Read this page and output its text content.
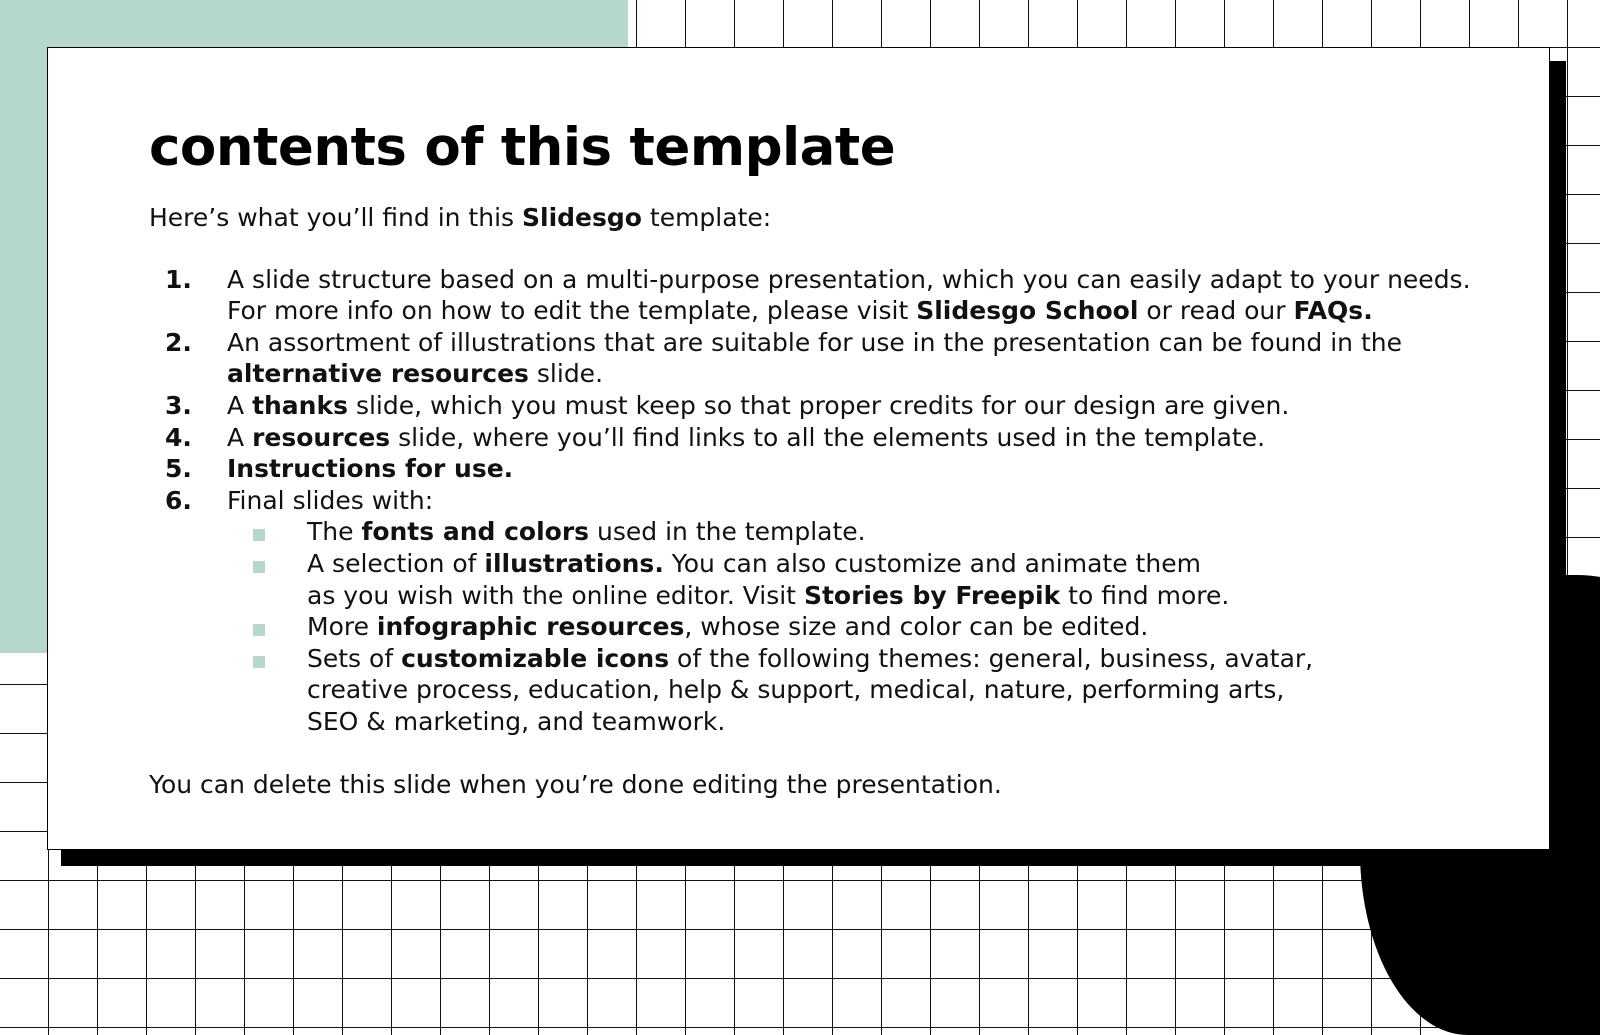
contents of this template

Here’s what you’ll find in this Slidesgo template:

1. A slide structure based on a multi-purpose presentation, which you can easily adapt to your needs. For more info on how to edit the template, please visit Slidesgo School or read our FAQs.
2. An assortment of illustrations that are suitable for use in the presentation can be found in the alternative resources slide.
3. A thanks slide, which you must keep so that proper credits for our design are given.
4. A resources slide, where you’ll find links to all the elements used in the template.
5. Instructions for use.
6. Final slides with:
The fonts and colors used in the template.
A selection of illustrations. You can also customize and animate them
as you wish with the online editor. Visit Stories by Freepik to find more.
More infographic resources, whose size and color can be edited.
Sets of customizable icons of the following themes: general, business, avatar,
creative process, education, help & support, medical, nature, performing arts,
SEO & marketing, and teamwork.

You can delete this slide when you’re done editing the presentation.
